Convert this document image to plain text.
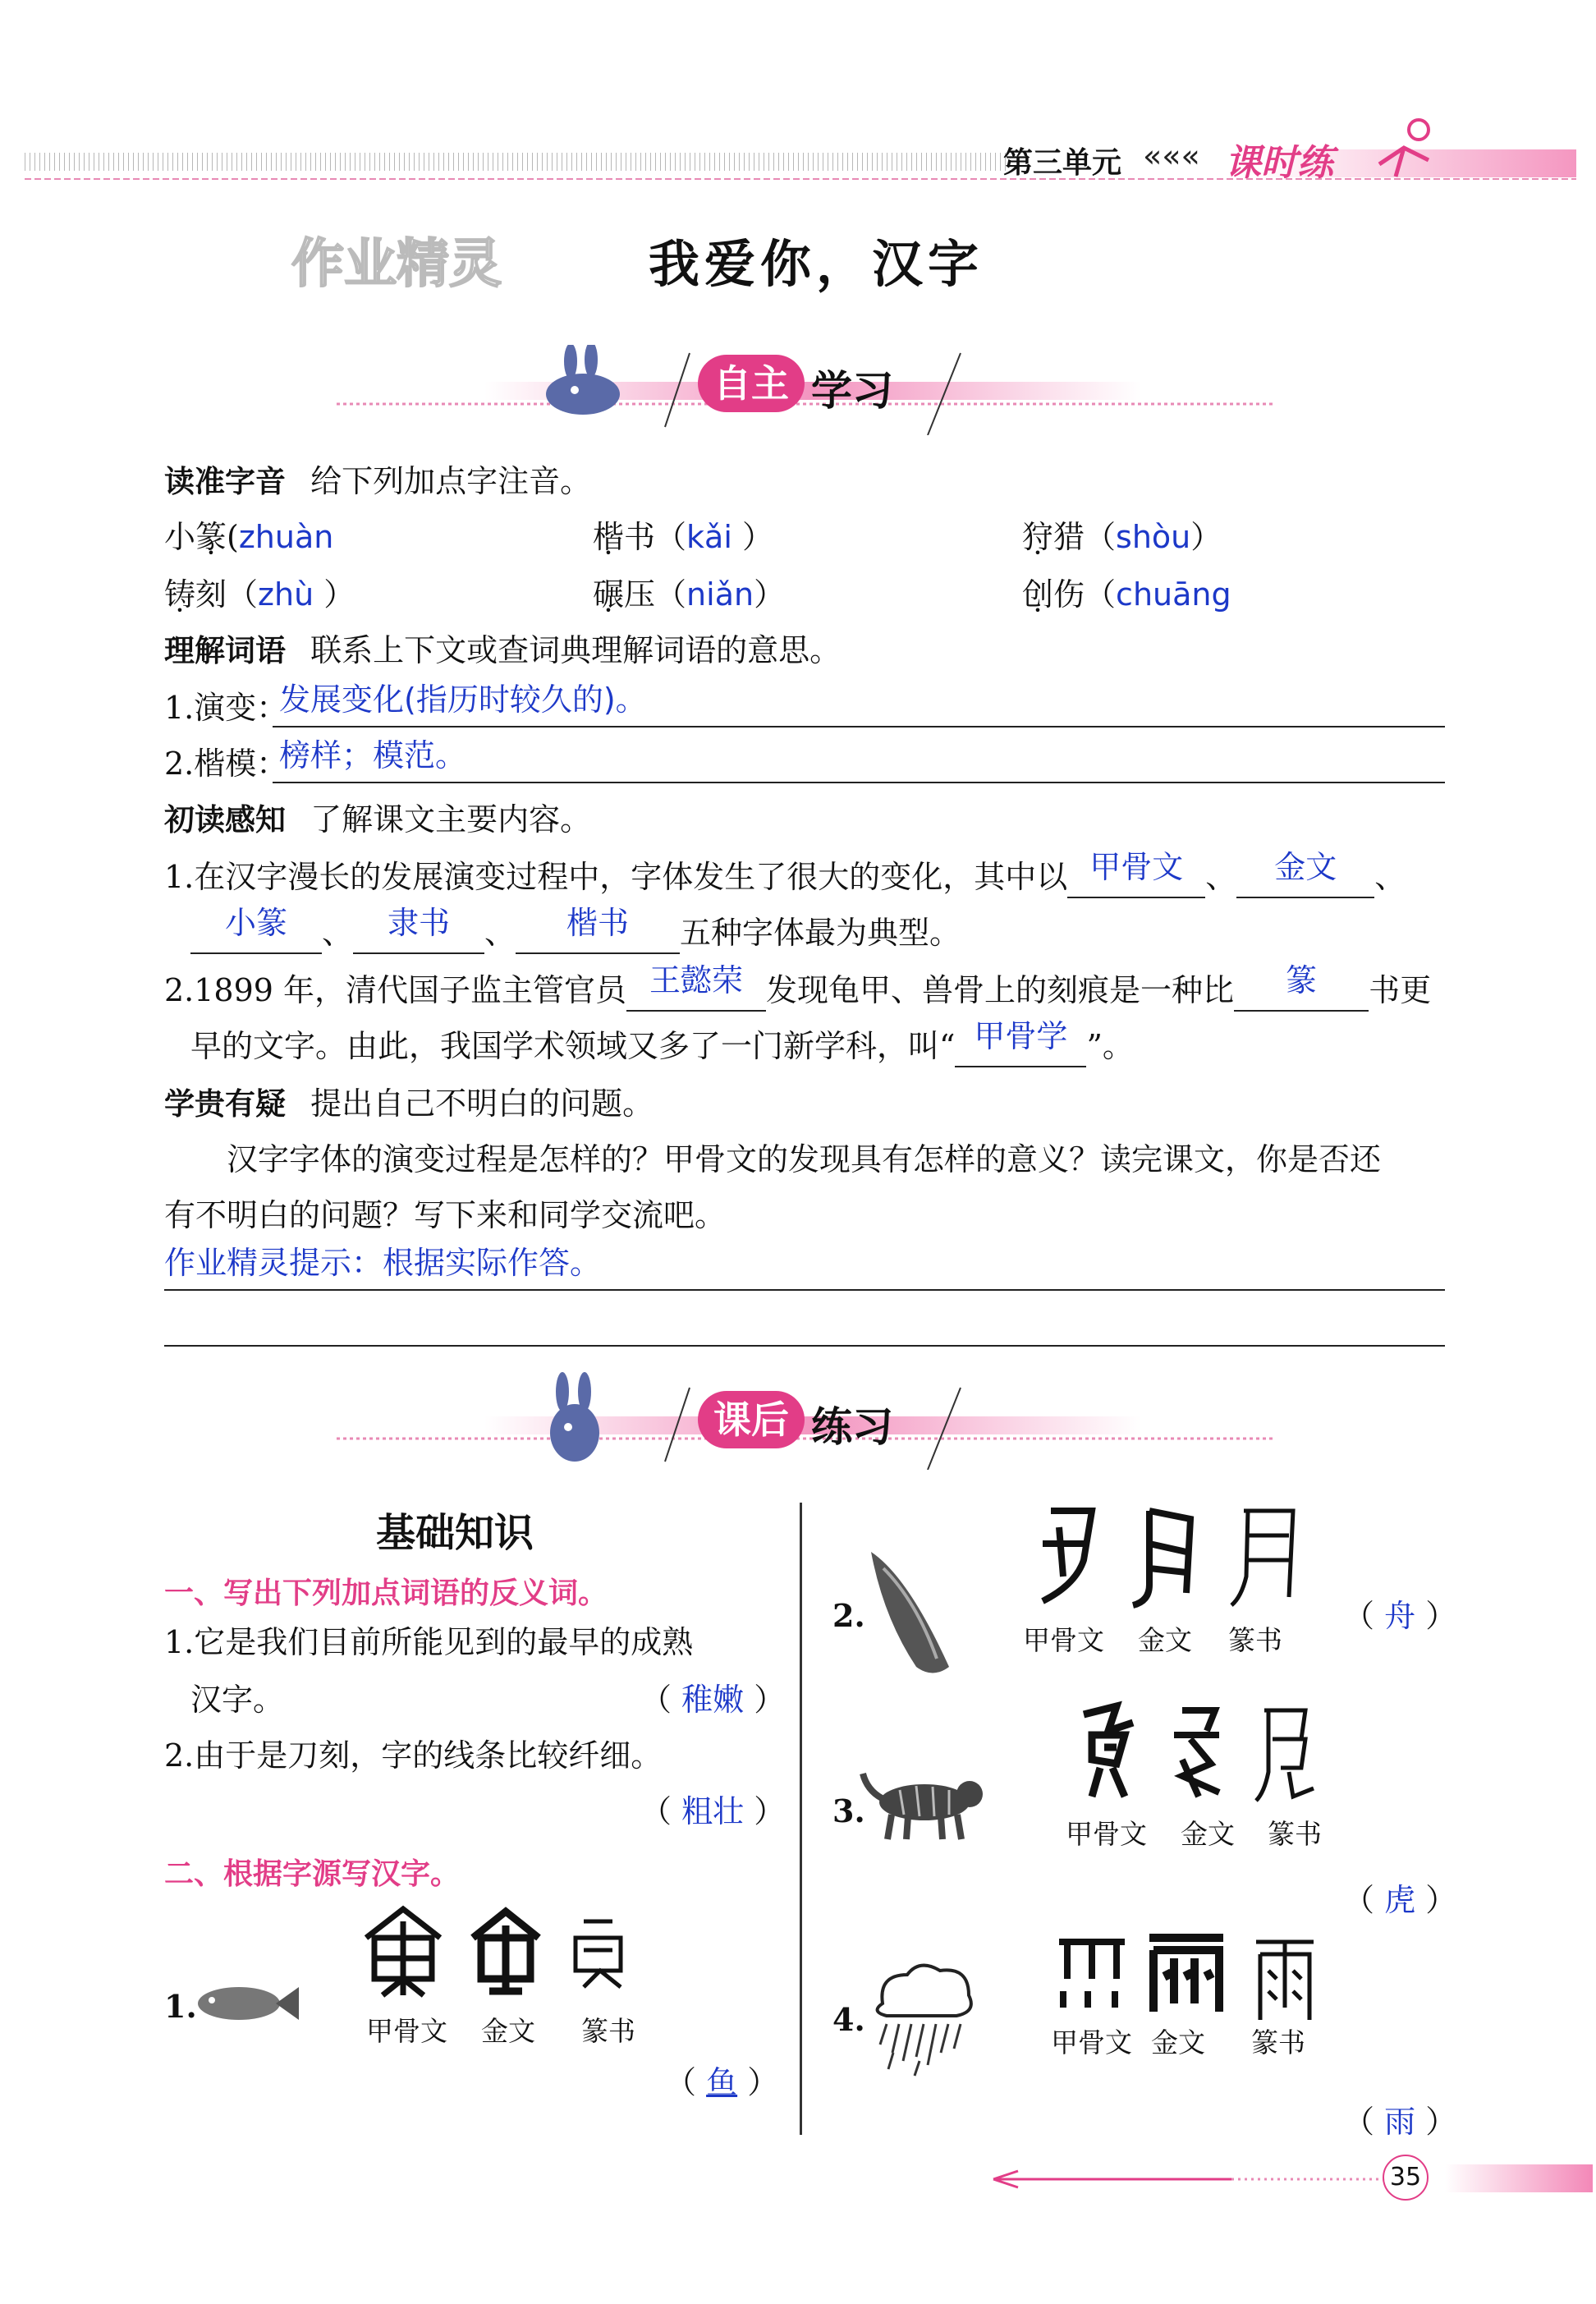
第三单元 ««« 课时练
作业精灵	我爱你，汉字
自主 学习
读准字音 给下列加点字注音。
小篆(zhuàn	楷书（kǎi ）	狩猎（shòu）
铸刻（zhù ）	碾压（niǎn）	创伤（chuāng
理解词语 联系上下文或查词典理解词语的意思。
1.演变：
发展变化(指历时较久的)。
2.楷模：
榜样；模范。
初读感知 了解课文主要内容。
1.在汉字漫长的发展演变过程中，字体发生了很大的变化，其中以 甲骨文 、 金文 、
小篆 、 隶书 、 楷书 五种字体最为典型。
2.1899 年，清代国子监主管官员 王懿荣 发现龟甲、兽骨上的刻痕是一种比 篆 书更
早的文字。由此，我国学术领域又多了一门新学科，叫“ 甲骨学 ”。
学贵有疑 提出自己不明白的问题。
汉字字体的演变过程是怎样的？甲骨文的发现具有怎样的意义？读完课文，你是否还
有不明白的问题？写下来和同学交流吧。
作业精灵提示：根据实际作答。
课后 练习
基础知识
一、写出下列加点词语的反义词。
1.它是我们目前所能见到的最早的成熟
汉字。	（ 稚嫩 ）
2.由于是刀刻，字的线条比较纤细。
（ 粗壮 ）
二、根据字源写汉字。
1.
甲骨文 金文 篆书
（ 鱼 ）
2.
甲骨文 金文 篆书
（ 舟 ）
3.
甲骨文 金文 篆书
（ 虎 ）
4.
甲骨文 金文 篆书
（ 雨 ）
35
